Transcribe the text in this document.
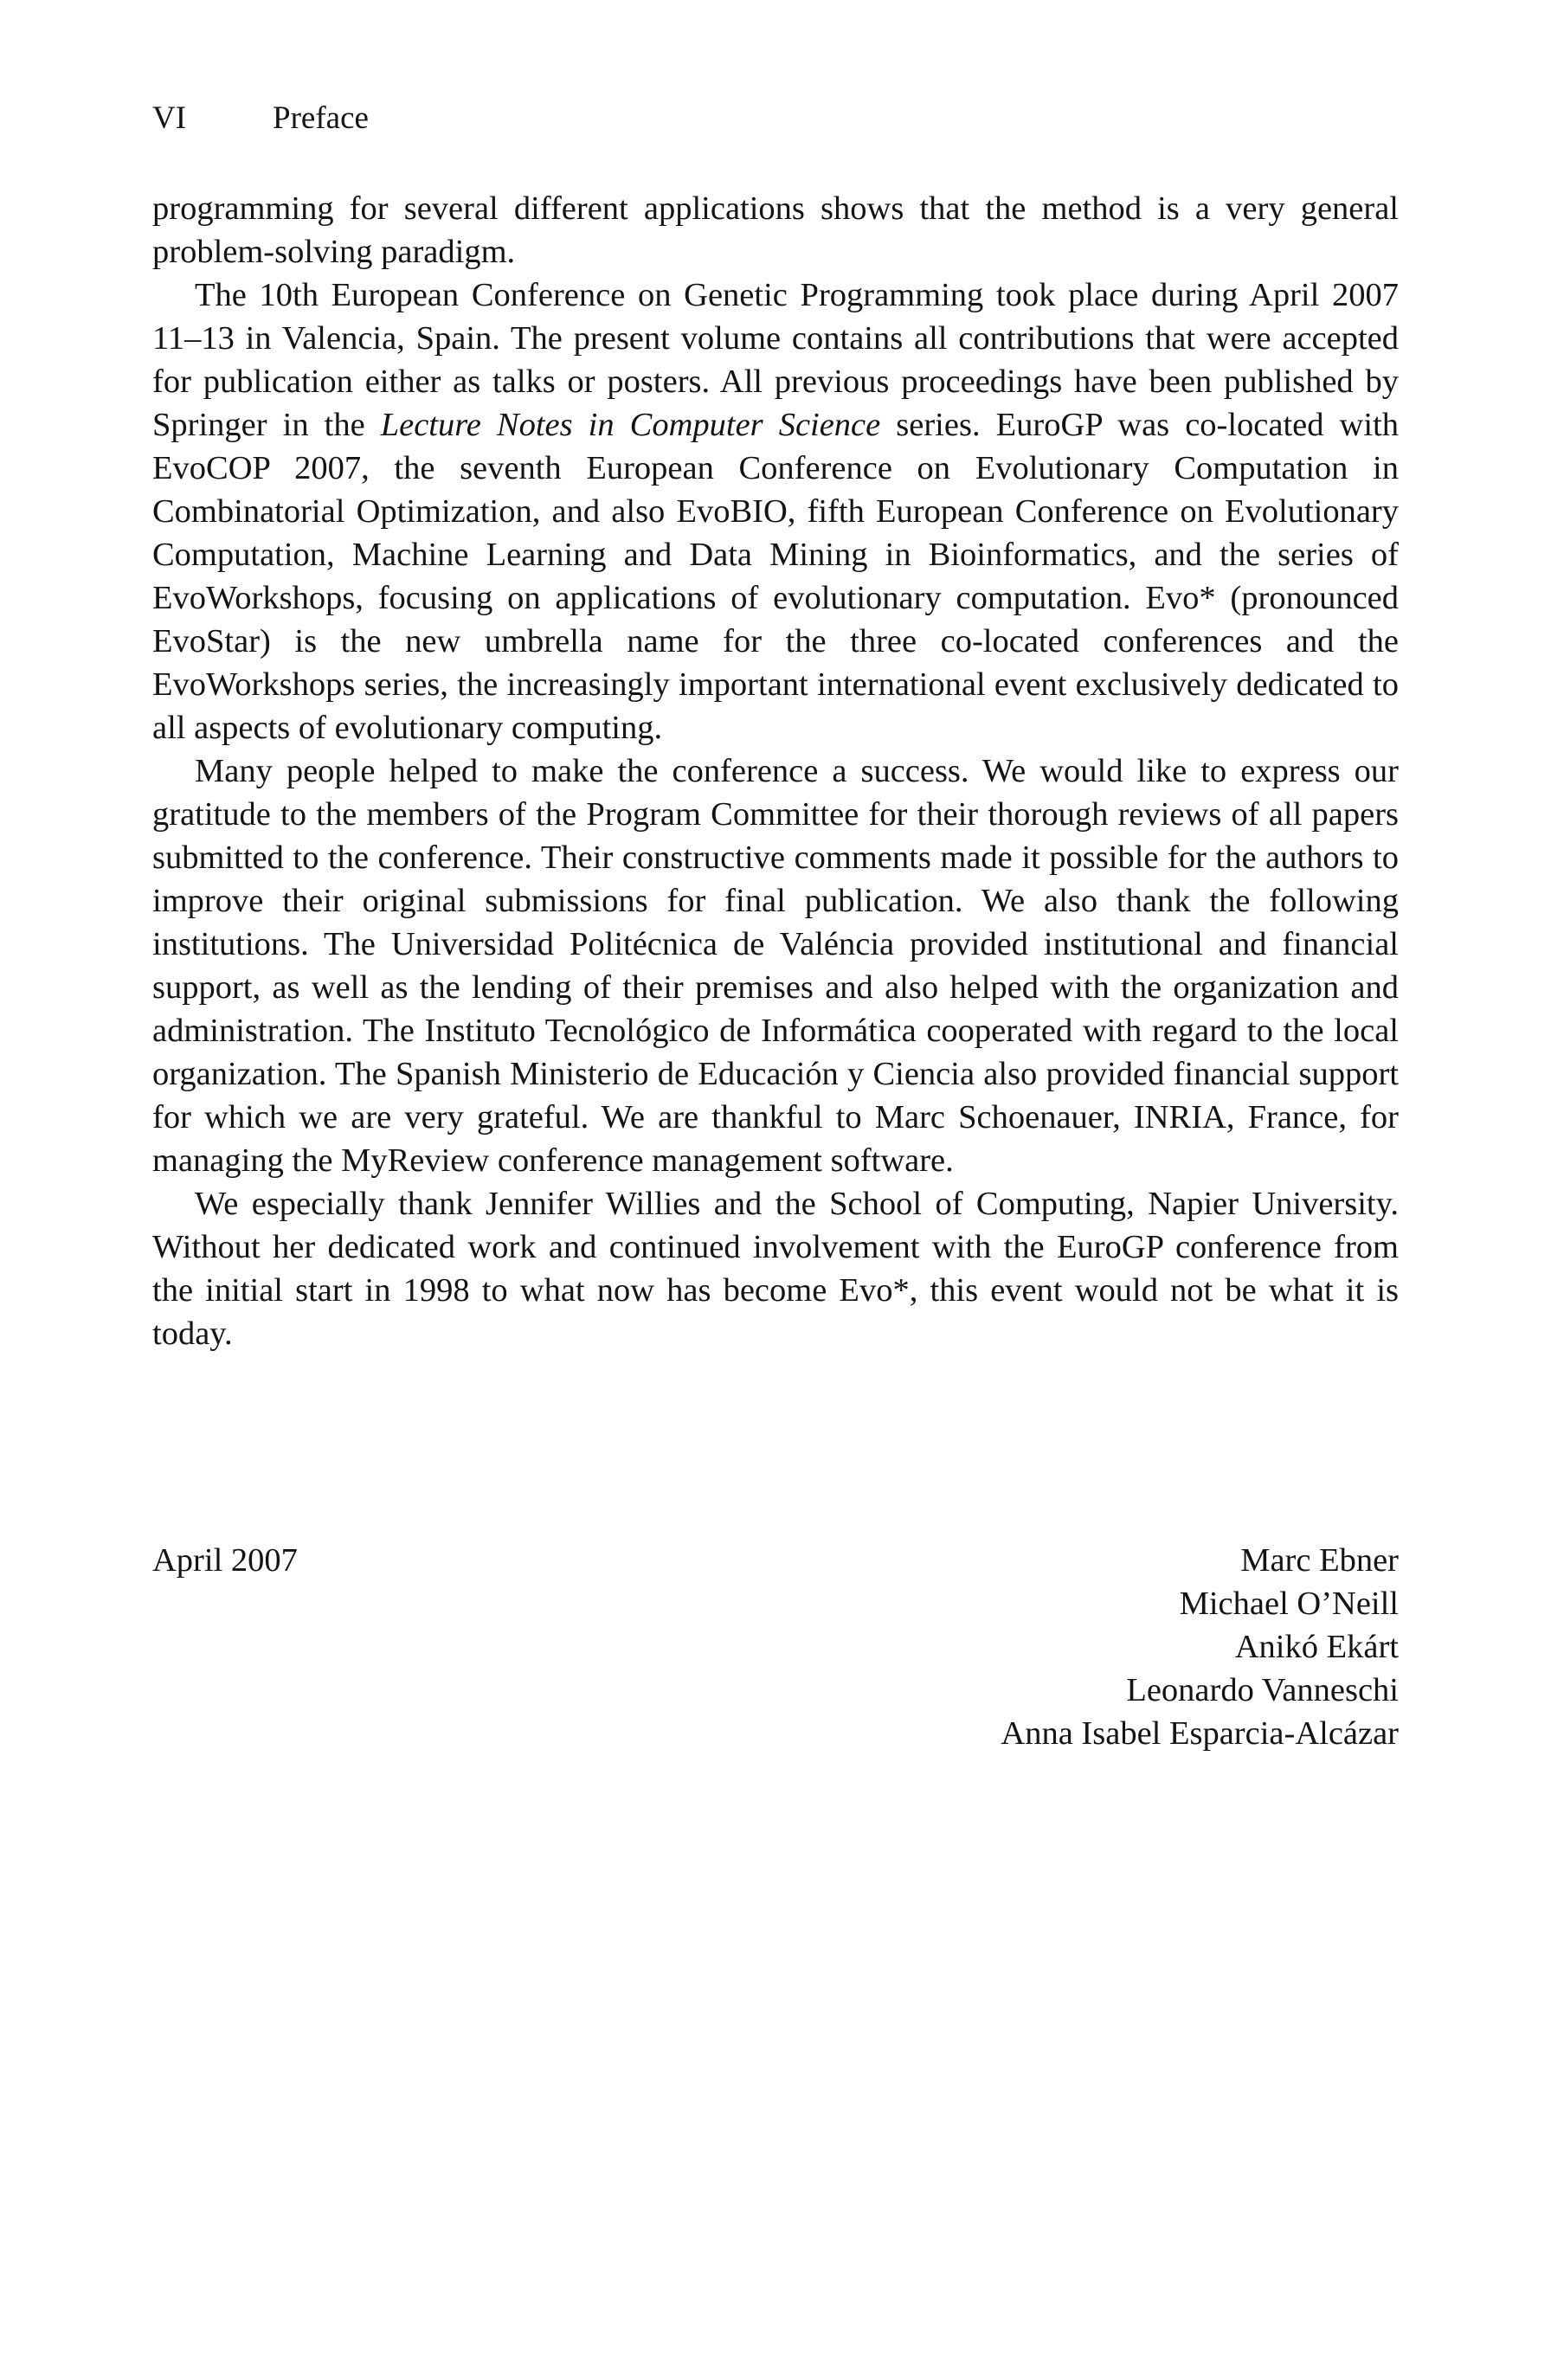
VI	Preface

programming for several different applications shows that the method is a very general problem-solving paradigm.

The 10th European Conference on Genetic Programming took place during April 2007 11–13 in Valencia, Spain. The present volume contains all contributions that were accepted for publication either as talks or posters. All previous proceedings have been published by Springer in the Lecture Notes in Computer Science series. EuroGP was co-located with EvoCOP 2007, the seventh European Conference on Evolutionary Computation in Combinatorial Optimization, and also EvoBIO, fifth European Conference on Evolutionary Computation, Machine Learning and Data Mining in Bioinformatics, and the series of EvoWorkshops, focusing on applications of evolutionary computation. Evo* (pronounced EvoStar) is the new umbrella name for the three co-located conferences and the EvoWorkshops series, the increasingly important international event exclusively dedicated to all aspects of evolutionary computing.

Many people helped to make the conference a success. We would like to express our gratitude to the members of the Program Committee for their thorough reviews of all papers submitted to the conference. Their constructive comments made it possible for the authors to improve their original submissions for final publication. We also thank the following institutions. The Universidad Politécnica de Valéncia provided institutional and financial support, as well as the lending of their premises and also helped with the organization and administration. The Instituto Tecnológico de Informática cooperated with regard to the local organization. The Spanish Ministerio de Educación y Ciencia also provided financial support for which we are very grateful. We are thankful to Marc Schoenauer, INRIA, France, for managing the MyReview conference management software.

We especially thank Jennifer Willies and the School of Computing, Napier University. Without her dedicated work and continued involvement with the EuroGP conference from the initial start in 1998 to what now has become Evo*, this event would not be what it is today.

April 2007	Marc Ebner
Michael O’Neill
Anikó Ekárt
Leonardo Vanneschi
Anna Isabel Esparcia-Alcázar
